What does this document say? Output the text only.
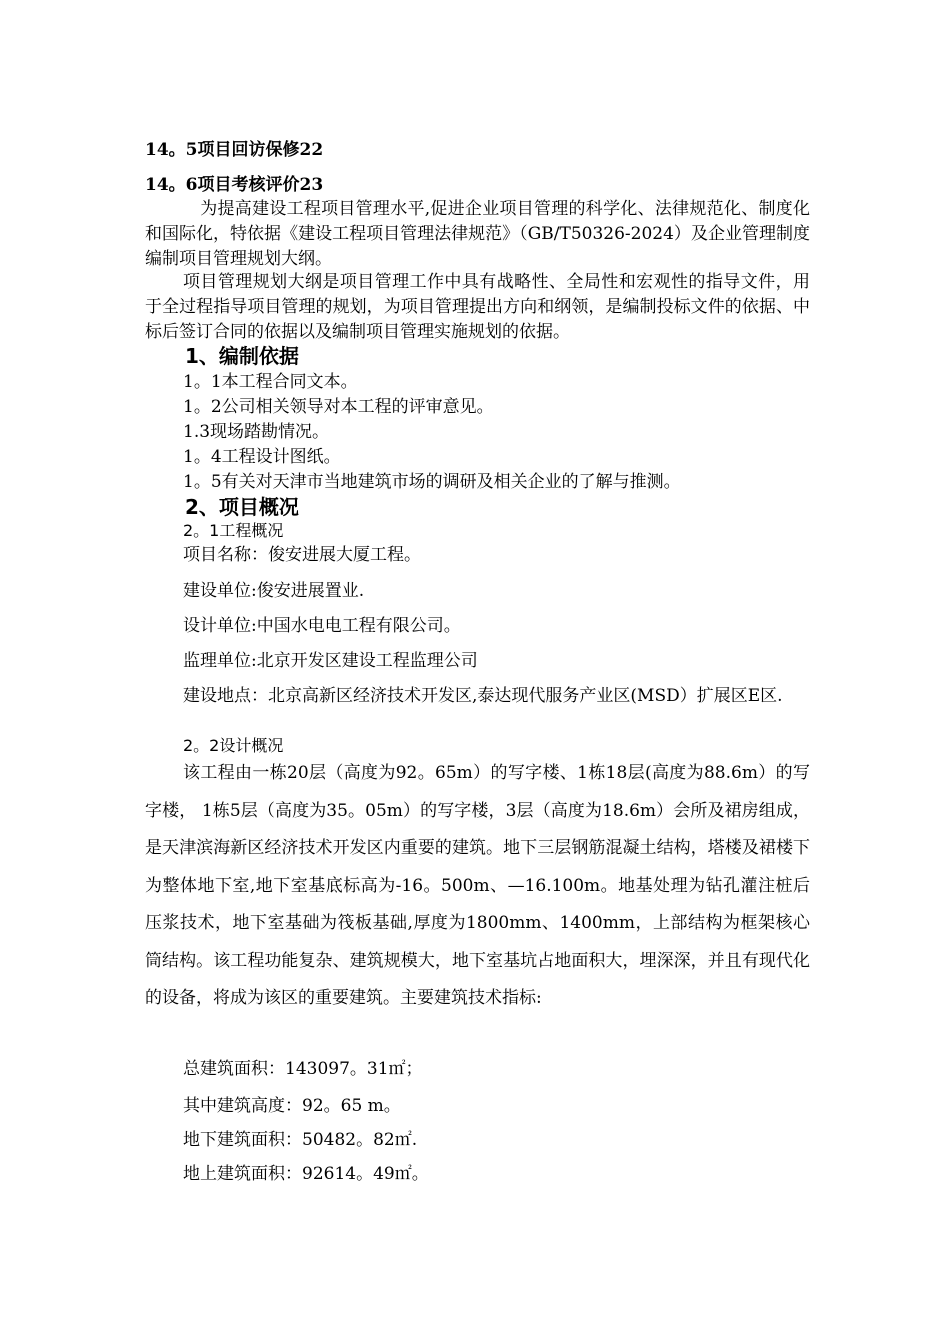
14。5项目回访保修22
14。6项目考核评价23

　为提高建设工程项目管理水平,促进企业项目管理的科学化、法律规范化、制度化和国际化，特依据《建设工程项目管理法律规范》（GB/T50326-2024）及企业管理制度编制项目管理规划大纲。

项目管理规划大纲是项目管理工作中具有战略性、全局性和宏观性的指导文件，用于全过程指导项目管理的规划，为项目管理提出方向和纲领，是编制投标文件的依据、中标后签订合同的依据以及编制项目管理实施规划的依据。

1、编制依据
1。1本工程合同文本。
1。2公司相关领导对本工程的评审意见。
1.3现场踏勘情况。
1。4工程设计图纸。
1。5有关对天津市当地建筑市场的调研及相关企业的了解与推测。
2、项目概况
2。1工程概况
项目名称：俊安进展大厦工程。
建设单位:俊安进展置业.
设计单位:中国水电电工程有限公司。
监理单位:北京开发区建设工程监理公司

建设地点：北京高新区经济技术开发区,泰达现代服务产业区(MSD）扩展区E区.

2。2设计概况

该工程由一栋20层（高度为92。65m）的写字楼、1栋18层(高度为88.6m）的写字楼， 1栋5层（高度为35。05m）的写字楼，3层（高度为18.6m）会所及裙房组成，是天津滨海新区经济技术开发区内重要的建筑。地下三层钢筋混凝土结构，塔楼及裙楼下为整体地下室,地下室基底标高为-16。500m、—16.100m。地基处理为钻孔灌注桩后压浆技术，地下室基础为筏板基础,厚度为1800mm、1400mm，上部结构为框架核心筒结构。该工程功能复杂、建筑规模大，地下室基坑占地面积大，埋深深，并且有现代化的设备，将成为该区的重要建筑。主要建筑技术指标:

总建筑面积：143097。31㎡；
其中建筑高度：92。65 m。
地下建筑面积：50482。82㎡.
地上建筑面积：92614。49㎡。
